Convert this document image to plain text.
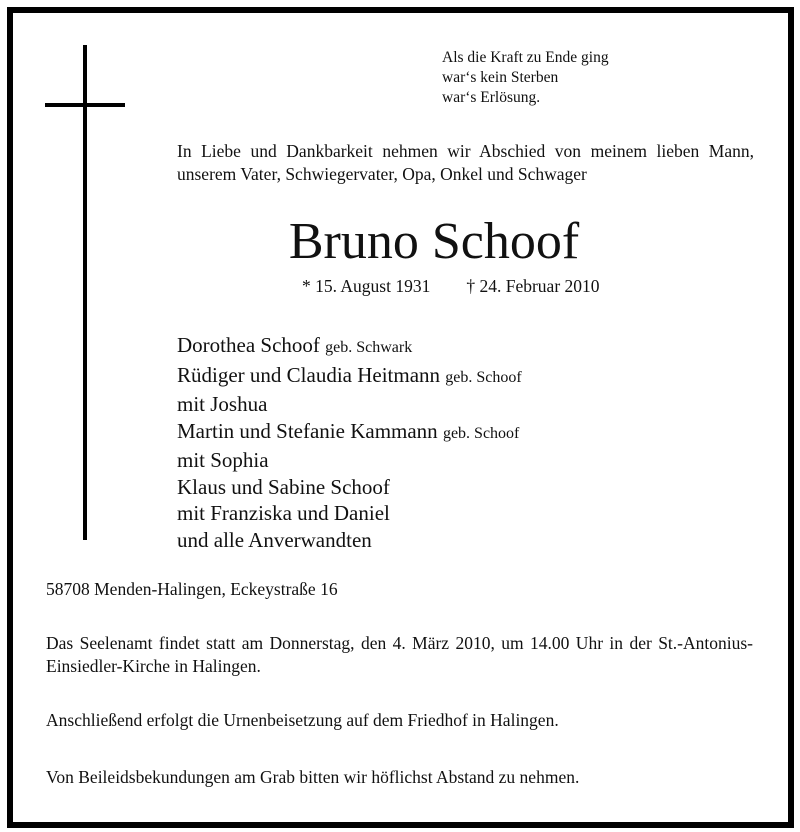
Als die Kraft zu Ende ging
war‘s kein Sterben
war‘s Erlösung.
In Liebe und Dankbarkeit nehmen wir Abschied von meinem lieben Mann, unserem Vater, Schwiegervater, Opa, Onkel und Schwager
Bruno Schoof
* 15. August 1931 † 24. Februar 2010
Dorothea Schoof geb. Schwark
Rüdiger und Claudia Heitmann geb. Schoof
mit Joshua
Martin und Stefanie Kammann geb. Schoof
mit Sophia
Klaus und Sabine Schoof
mit Franziska und Daniel
und alle Anverwandten
58708 Menden-Halingen, Eckeystraße 16
Das Seelenamt findet statt am Donnerstag, den 4. März 2010, um 14.00 Uhr in der St.-Antonius-Einsiedler-Kirche in Halingen.
Anschließend erfolgt die Urnenbeisetzung auf dem Friedhof in Halingen.
Von Beileidsbekundungen am Grab bitten wir höflichst Abstand zu nehmen.
